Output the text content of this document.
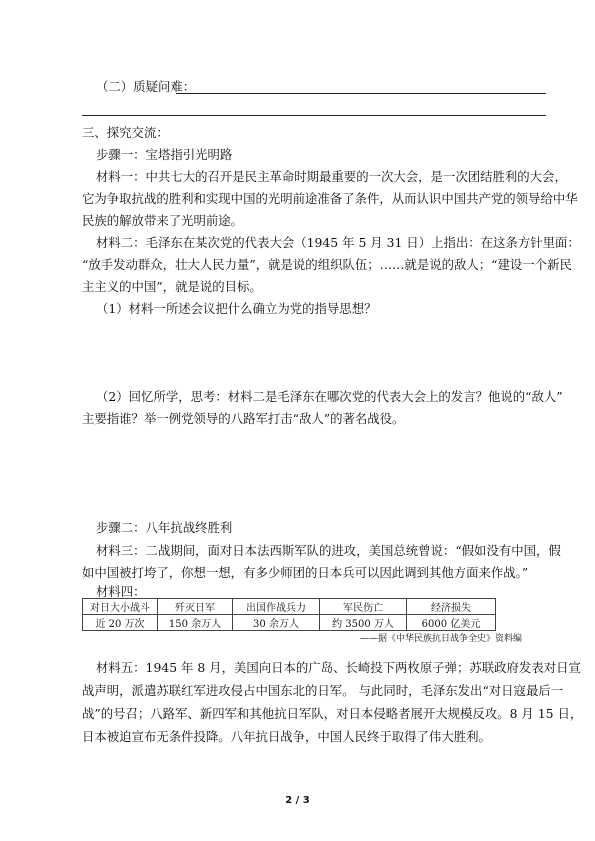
（二）质疑问难：
三、探究交流：
步骤一：宝塔指引光明路
材料一：中共七大的召开是民主革命时期最重要的一次大会，是一次团结胜利的大会，
它为争取抗战的胜利和实现中国的光明前途准备了条件，从而认识中国共产党的领导给中华
民族的解放带来了光明前途。
材料二：毛泽东在某次党的代表大会（1945 年 5 月 31 日）上指出：在这条方针里面：
“放手发动群众，壮大人民力量”，就是说的组织队伍；……就是说的敌人；“建设一个新民
主主义的中国”，就是说的目标。
（1）材料一所述会议把什么确立为党的指导思想？
（2）回忆所学，思考：材料二是毛泽东在哪次党的代表大会上的发言？他说的“敌人”
主要指谁？举一例党领导的八路军打击“敌人”的著名战役。
步骤二：八年抗战终胜利
材料三：二战期间，面对日本法西斯军队的进攻，美国总统曾说：“假如没有中国，假
如中国被打垮了，你想一想，有多少师团的日本兵可以因此调到其他方面来作战。”
材料四：
对日大小战斗	歼灭日军	出国作战兵力	军民伤亡	经济损失
近 20 万次	150 余万人	30 余万人	约 3500 万人	6000 亿美元
——据《中华民族抗日战争全史》资料编
材料五：1945 年 8 月，美国向日本的广岛、长崎投下两枚原子弹；苏联政府发表对日宣
战声明，派遣苏联红军进攻侵占中国东北的日军。 与此同时，毛泽东发出“对日寇最后一
战”的号召；八路军、新四军和其他抗日军队，对日本侵略者展开大规模反攻。8 月 15 日，
日本被迫宣布无条件投降。八年抗日战争，中国人民终于取得了伟大胜利。
2 / 3
